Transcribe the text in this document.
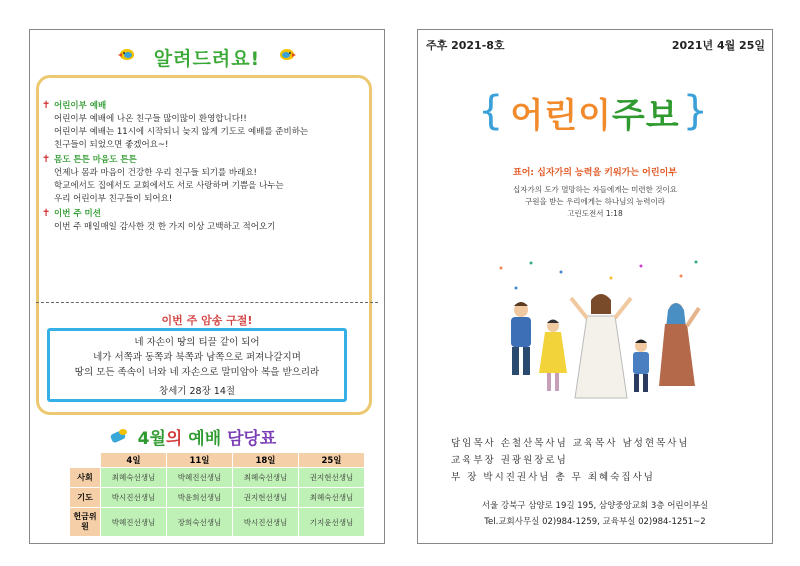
알려드려요!
✝ 어린이부 예배
어린이부 예배에 나온 친구들 많이많이 환영합니다!!
어린이부 예배는 11시에 시작되니 늦지 않게 기도로 예배를 준비하는
친구들이 되었으면 좋겠어요~!
✝ 몸도 튼튼 마음도 튼튼
언제나 몸과 마음이 건강한 우리 친구들 되기를 바래요!
학교에서도 집에서도 교회에서도 서로 사랑하며 기쁨을 나누는
우리 어린이부 친구들이 되어요!
✝ 이번 주 미션
이번 주 매일매일 감사한 것 한 가지 이상 고백하고 적어오기
이번 주 암송 구절!
네 자손이 땅의 티끌 같이 되어
네가 서쪽과 동쪽과 북쪽과 남쪽으로 퍼져나갈지며
땅의 모든 족속이 너와 네 자손으로 말미암아 복을 받으리라
창세기 28장 14절
4월의 예배 담당표
	4일	11일	18일	25일
사회	최혜숙선생님	박혜진선생님	최혜숙선생님	권지현선생님
기도	박시진선생님	박윤희선생님	권지현선생님	최혜숙선생님
헌금위원	박혜진선생님	장희숙선생님	박시진선생님	기지윤선생님
주후 2021-8호	2021년 4월 25일
{ 어린이주보 }
표어: 십자가의 능력을 키워가는 어린이부
십자가의 도가 멸망하는 자들에게는 미련한 것이요
구원을 받는 우리에게는 하나님의 능력이라
고린도전서 1:18
담임목사 손철산목사님 교육목사 남성현목사님
교육부장 권광원장로님
부 장 박시진권사님 총 무 최혜숙집사님
서울 강북구 삼양로 19길 195, 삼양중앙교회 3층 어린이부실
Tel.교회사무실 02)984-1259, 교육부실 02)984-1251~2
